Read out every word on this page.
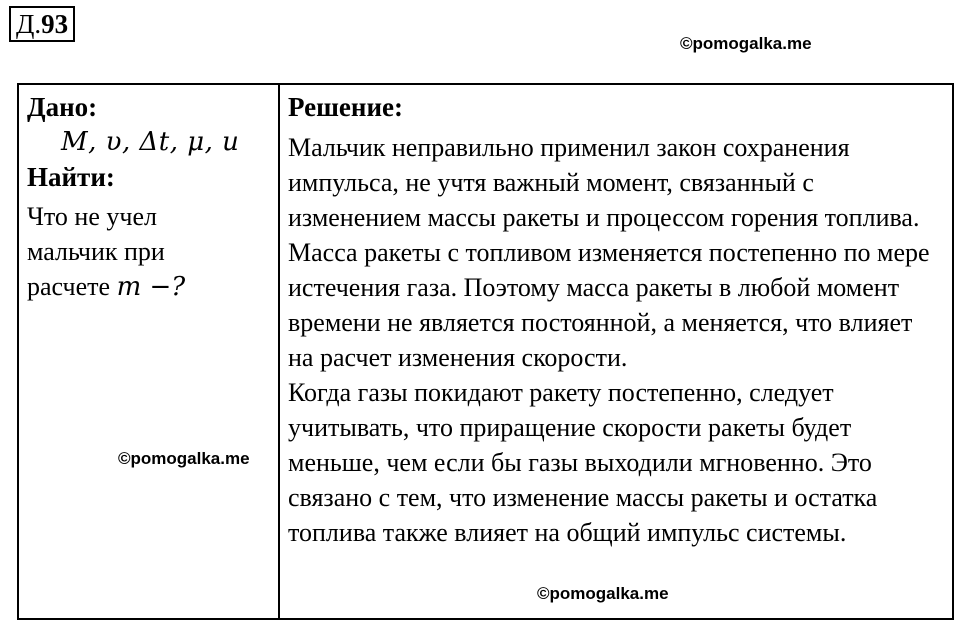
Д.93
©pomogalka.me
Дано:
M, υ, Δt, μ, u
Найти:
Что не учел
мальчик при
расчете m −?

Решение:
Мальчик неправильно применил закон сохранения импульса, не учтя важный момент, связанный с изменением массы ракеты и процессом горения топлива. Масса ракеты с топливом изменяется постепенно по мере истечения газа. Поэтому масса ракеты в любой момент времени не является постоянной, а меняется, что влияет на расчет изменения скорости.
Когда газы покидают ракету постепенно, следует учитывать, что приращение скорости ракеты будет меньше, чем если бы газы выходили мгновенно. Это связано с тем, что изменение массы ракеты и остатка топлива также влияет на общий импульс системы.
©pomogalka.me
©pomogalka.me
